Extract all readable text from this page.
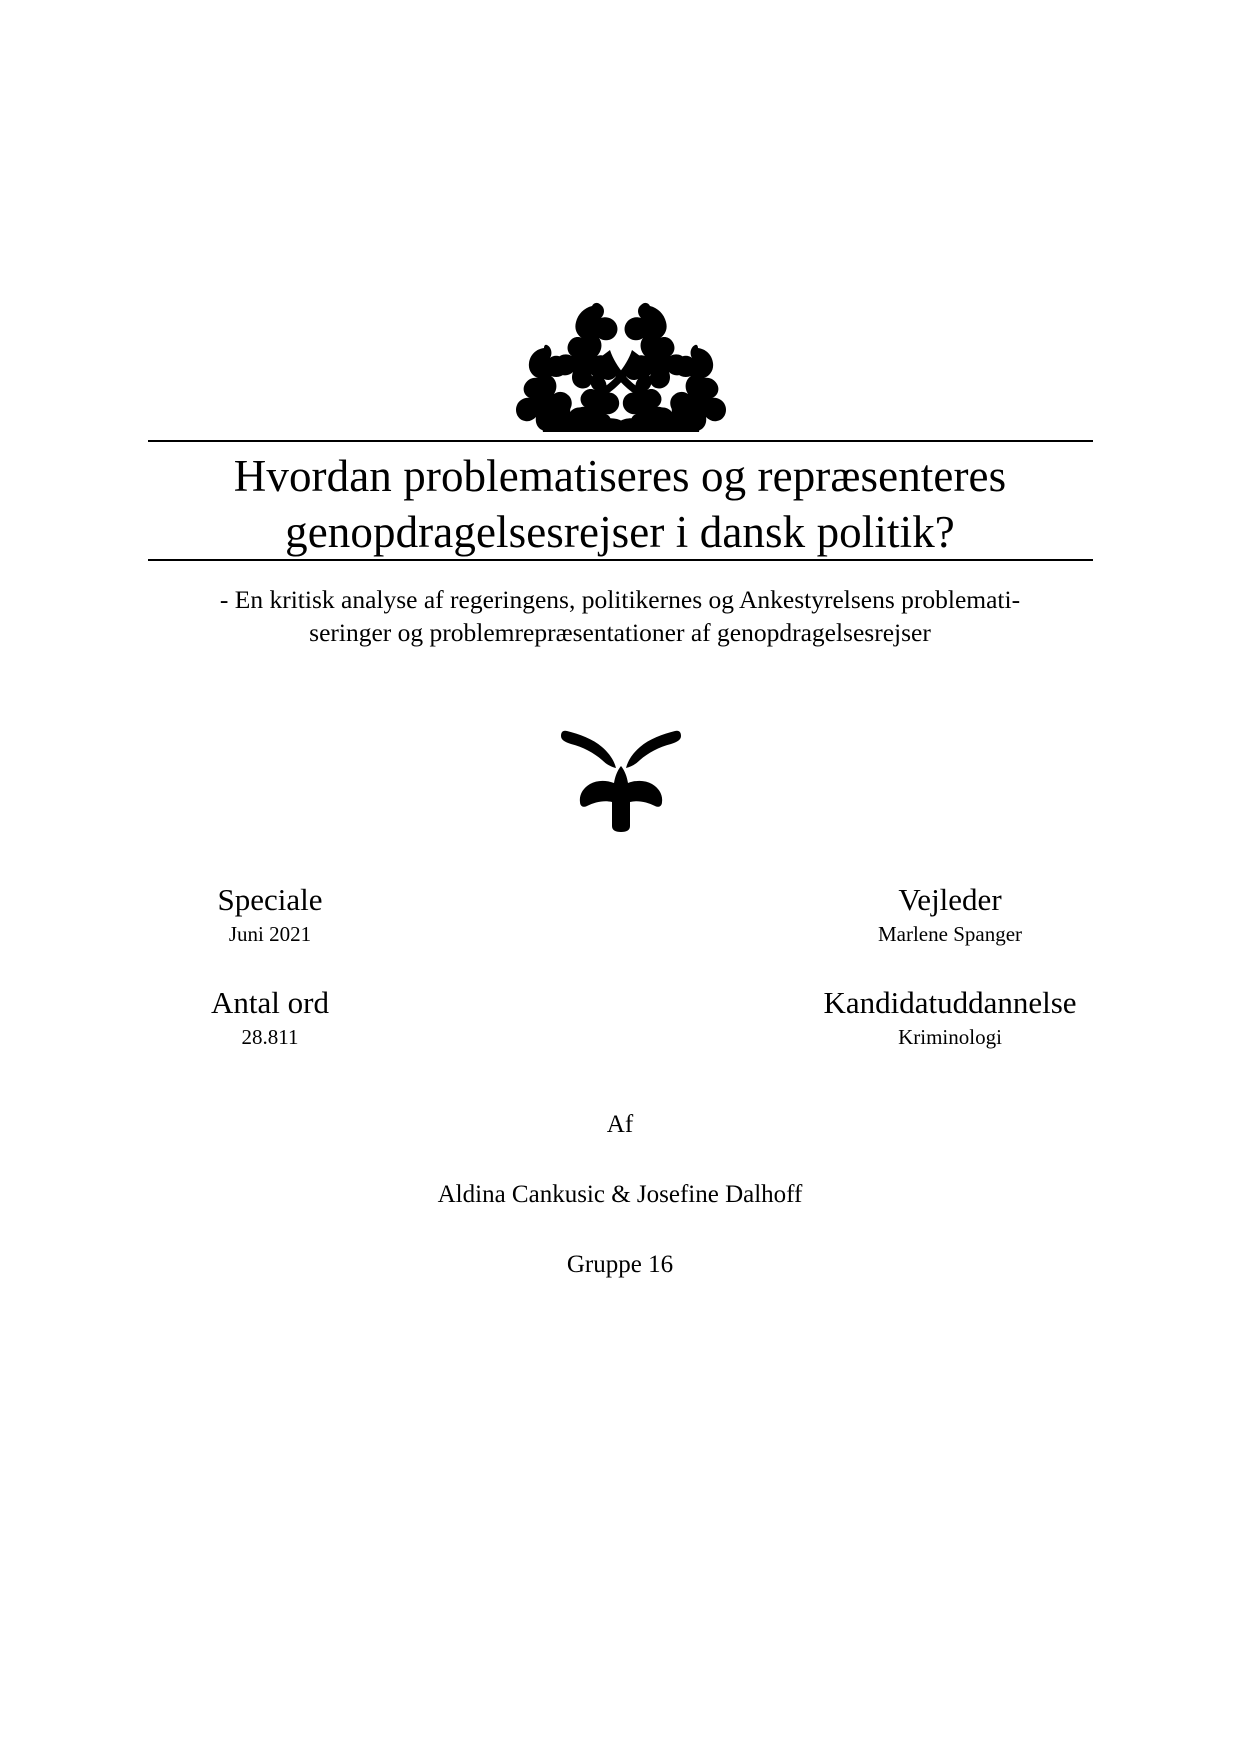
Hvordan problematiseres og repræsenteres
genopdragelsesrejser i dansk politik?
- En kritisk analyse af regeringens, politikernes og Ankestyrelsens problemati-
seringer og problemrepræsentationer af genopdragelsesrejser
Speciale
Juni 2021
Vejleder
Marlene Spanger
Antal ord
28.811
Kandidatuddannelse
Kriminologi
Af
Aldina Cankusic & Josefine Dalhoff
Gruppe 16
